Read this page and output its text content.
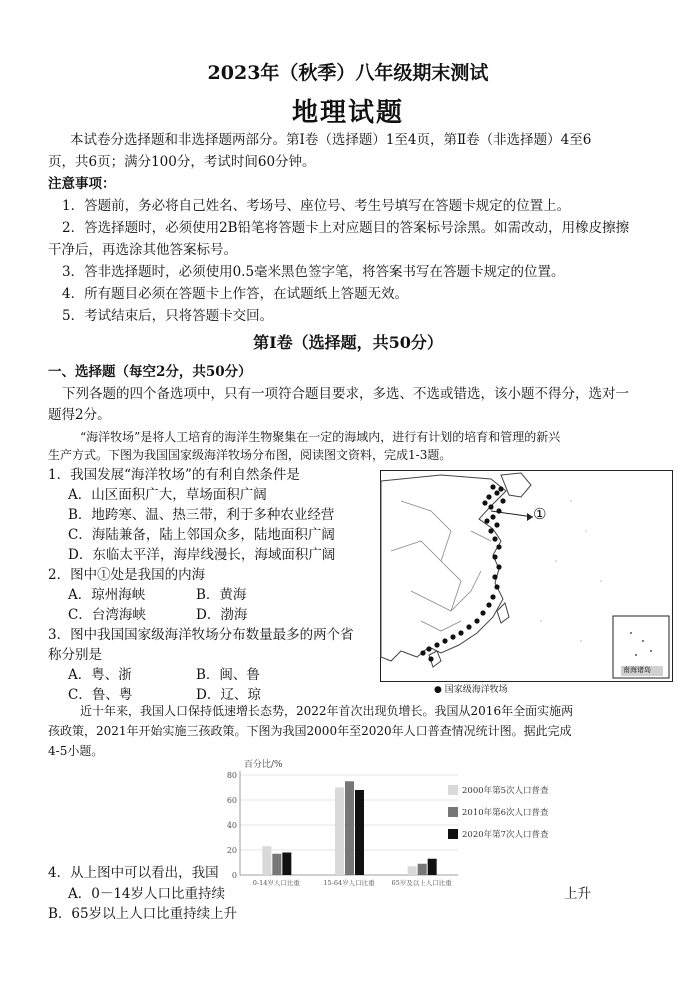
2023年（秋季）八年级期末测试
地理试题
本试卷分选择题和非选择题两部分。第Ⅰ卷（选择题）1至4页，第Ⅱ卷（非选择题）4至6
页，共6页；满分100分，考试时间60分钟。
注意事项：
1．答题前，务必将自己姓名、考场号、座位号、考生号填写在答题卡规定的位置上。
2．答选择题时，必须使用2B铅笔将答题卡上对应题目的答案标号涂黑。如需改动，用橡皮擦擦
干净后，再选涂其他答案标号。
3．答非选择题时，必须使用0.5毫米黑色签字笔，将答案书写在答题卡规定的位置。
4．所有题目必须在答题卡上作答，在试题纸上答题无效。
5．考试结束后，只将答题卡交回。
第Ⅰ卷（选择题，共50分）
一、选择题（每空2分，共50分）
下列各题的四个备选项中，只有一项符合题目要求，多选、不选或错选，该小题不得分，选对一
题得2分。
“海洋牧场”是将人工培育的海洋生物聚集在一定的海域内，进行有计划的培育和管理的新兴
生产方式。下图为我国国家级海洋牧场分布图，阅读图文资料，完成1-3题。
1．我国发展“海洋牧场”的有利自然条件是
A．山区面积广大，草场面积广阔
B．地跨寒、温、热三带，利于多种农业经营
C．海陆兼备，陆上邻国众多，陆地面积广阔
D．东临太平洋，海岸线漫长，海域面积广阔
2．图中①处是我国的内海
A．琼州海峡	B．黄海
C．台湾海峡	D．渤海
3．图中我国国家级海洋牧场分布数量最多的两个省
称分别是
A．粤、浙	B．闽、鲁
C．鲁、粤	D．辽、琼
①
南海诸岛
● 国家级海洋牧场
近十年来，我国人口保持低速增长态势，2022年首次出现负增长。我国从2016年全面实施两
孩政策，2021年开始实施三孩政策。下图为我国2000年至2020年人口普查情况统计图。据此完成
4-5小题。
百分比/%
0
20
40
60
80
0-14岁人口比重	15-64岁人口比重	65岁及以上人口比重
2000年第5次人口普查
2010年第6次人口普查
2020年第7次人口普查
4．从上图中可以看出，我国
A．0－14岁人口比重持续	上升
B．65岁以上人口比重持续上升
